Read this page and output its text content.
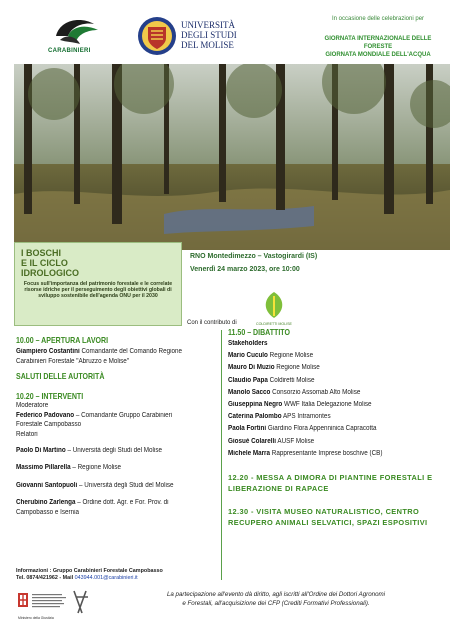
CARABINIERI
UNIVERSITÀ
DEGLI STUDI
DEL MOLISE
In occasione delle celebrazioni per
GIORNATA INTERNAZIONALE DELLE
FORESTE
GIORNATA MONDIALE DELL'ACQUA
I BOSCHI
E IL CICLO
IDROLOGICO
Focus sull'importanza del patrimonio forestale e le correlate risorse idriche per il perseguimento degli obiettivi globali di sviluppo sostenibile dell'agenda ONU per il 2030
RNO Montedimezzo – Vastogirardi (IS)
Venerdì 24 marzo 2023, ore 10:00
COLDIRETTI MOLISE
Con il contributo di
10.00 – APERTURA LAVORI
Giampiero Costantini Comandante del Comando Regione
Carabinieri Forestale "Abruzzo e Molise"
SALUTI DELLE AUTORITÀ
10.20 – INTERVENTI
Moderatore
Federico Padovano – Comandante Gruppo Carabinieri
Forestale Campobasso
Relatori
Paolo Di Martino – Università degli Studi del Molise
Massimo Pillarella – Regione Molise
Giovanni Santopuoli – Università degli Studi del Molise
Cherubino Zarlenga – Ordine dott. Agr. e For. Prov. di
Campobasso e Isernia
11.50 – DIBATTITO
Stakeholders
Mario Cuculo Regione Molise
Mauro Di Muzio Regione Molise
Claudio Papa Coldiretti Molise
Manolo Sacco Consorzio Assomab Alto Molise
Giuseppina Negro WWF Italia Delegazione Molise
Caterina Palombo APS Intramontes
Paola Fortini Giardino Flora Appenninica Capracotta
Giosuè Colarelli AUSF Molise
Michele Marra Rappresentante Imprese boschive (CB)
12.20 - MESSA A DIMORA DI PIANTINE FORESTALI E
LIBERAZIONE DI RAPACE
12.30 - VISITA MUSEO NATURALISTICO, CENTRO
RECUPERO ANIMALI SELVATICI, SPAZI ESPOSITIVI
Informazioni : Gruppo Carabinieri Forestale Campobasso
Tel. 0874/421962 - Mail 043944.001@carabinieri.it
Ministero della Giustizia
La partecipazione all'evento dà diritto, agli iscritti all'Ordine dei Dottori Agronomi
e Forestali, all'acquisizione dei CFP (Crediti Formativi Professionali).
